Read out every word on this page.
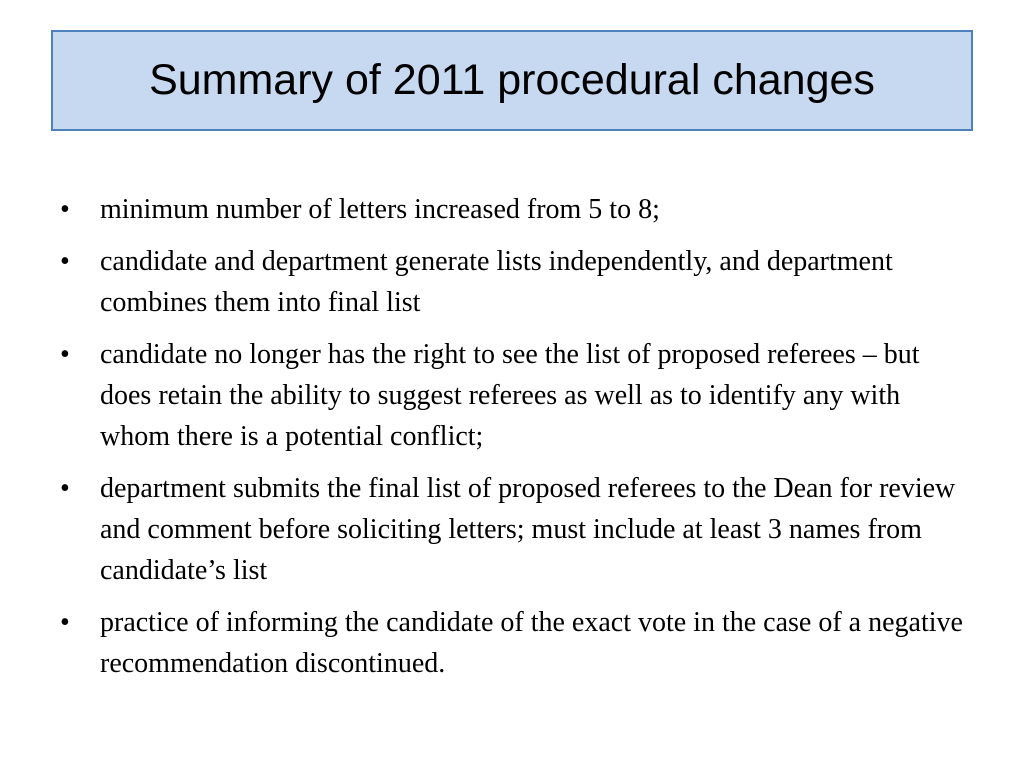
Summary of 2011 procedural changes
•	minimum number of letters increased from 5 to 8;
•	candidate and department generate lists independently, and department combines them into final list
•	candidate no longer has the right to see the list of proposed referees – but does retain the ability to suggest referees as well as to identify any with whom there is a potential conflict;
•	department submits the final list of proposed referees to the Dean for review and comment before soliciting letters; must include at least 3 names from candidate’s list
•	practice of informing the candidate of the exact vote in the case of a negative recommendation discontinued.
